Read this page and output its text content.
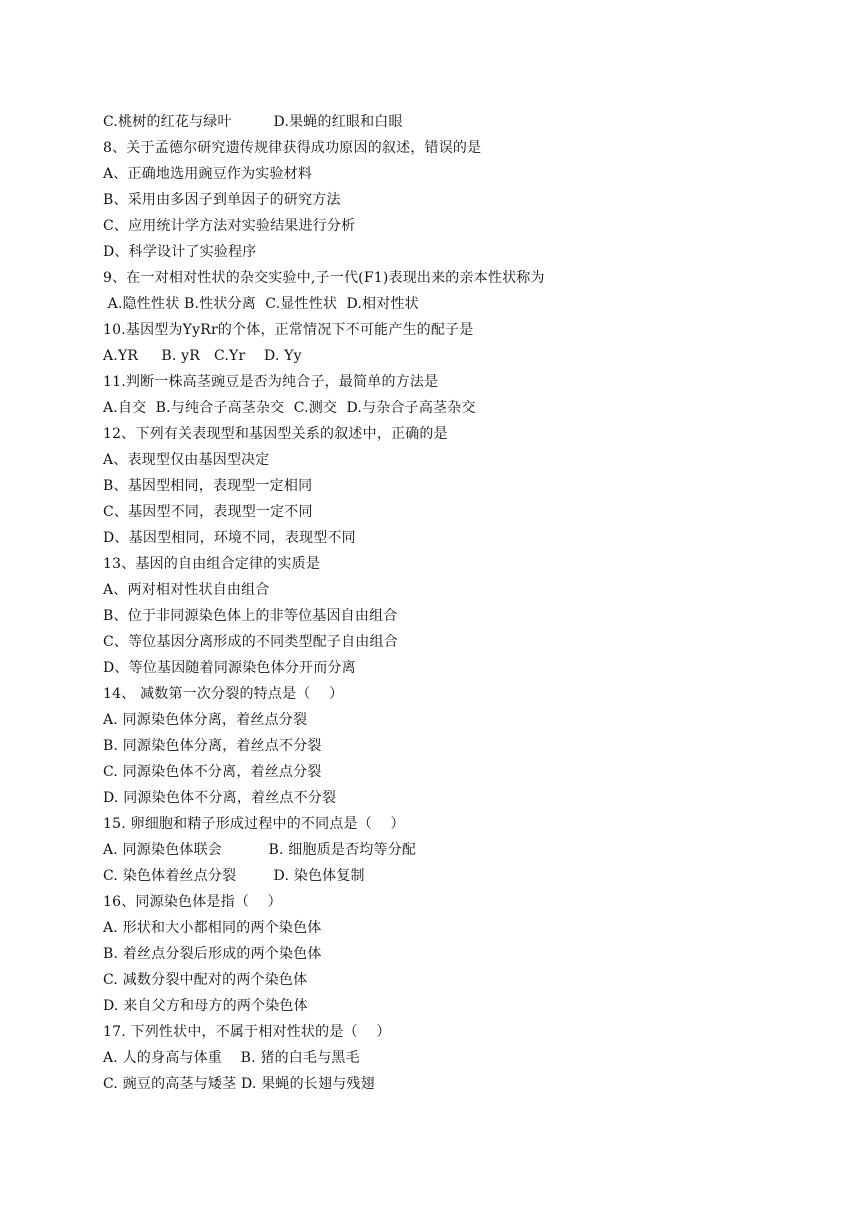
C.桃树的红花与绿叶         D.果蝇的红眼和白眼
8、关于孟德尔研究遗传规律获得成功原因的叙述，错误的是
A、正确地选用豌豆作为实验材料
B、采用由多因子到单因子的研究方法
C、应用统计学方法对实验结果进行分析
D、科学设计了实验程序
9、在一对相对性状的杂交实验中,子一代(F1)表现出来的亲本性状称为
A.隐性性状 B.性状分离  C.显性性状  D.相对性状
10.基因型为YyRr的个体，正常情况下不可能产生的配子是
A.YR     B. yR   C.Yr    D. Yy
11.判断一株高茎豌豆是否为纯合子，最简单的方法是
A.自交  B.与纯合子高茎杂交  C.测交  D.与杂合子高茎杂交
12、下列有关表现型和基因型关系的叙述中，正确的是
A、表现型仅由基因型决定
B、基因型相同，表现型一定相同
C、基因型不同，表现型一定不同
D、基因型相同，环境不同，表现型不同
13、基因的自由组合定律的实质是
A、两对相对性状自由组合
B、位于非同源染色体上的非等位基因自由组合
C、等位基因分离形成的不同类型配子自由组合
D、等位基因随着同源染色体分开而分离
14、 减数第一次分裂的特点是（    ）
A. 同源染色体分离，着丝点分裂
B. 同源染色体分离，着丝点不分裂
C. 同源染色体不分离，着丝点分裂
D. 同源染色体不分离，着丝点不分裂
15. 卵细胞和精子形成过程中的不同点是（    ）
A. 同源染色体联会          B. 细胞质是否均等分配
C. 染色体着丝点分裂        D. 染色体复制
16、同源染色体是指（    ）
A. 形状和大小都相同的两个染色体
B. 着丝点分裂后形成的两个染色体
C. 减数分裂中配对的两个染色体
D. 来自父方和母方的两个染色体
17. 下列性状中，不属于相对性状的是（    ）
A. 人的身高与体重    B. 猪的白毛与黑毛
C. 豌豆的高茎与矮茎 D. 果蝇的长翅与残翅
